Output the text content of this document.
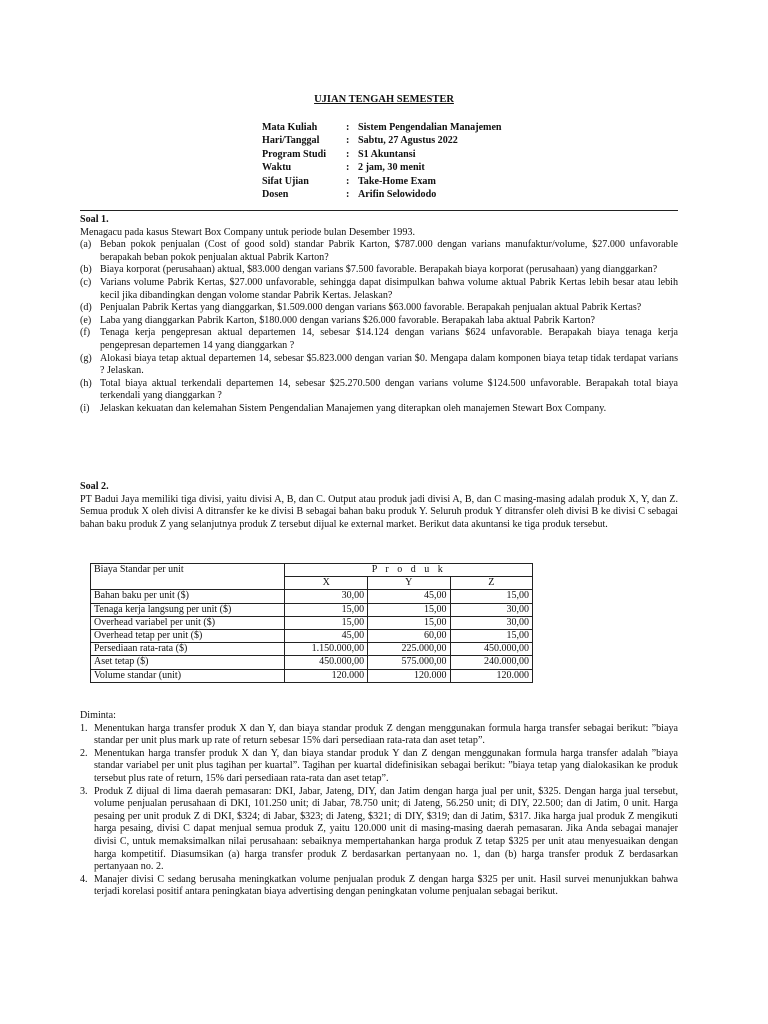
UJIAN TENGAH SEMESTER
Mata Kuliah	: Sistem Pengendalian Manajemen
Hari/Tanggal	: Sabtu, 27 Agustus 2022
Program Studi	: S1 Akuntansi
Waktu	: 2 jam, 30 menit
Sifat Ujian	: Take-Home Exam
Dosen	: Arifin Selowidodo
Soal 1.
Menagacu pada kasus Stewart Box Company untuk periode bulan Desember 1993.
(a) Beban pokok penjualan (Cost of good sold) standar Pabrik Karton, $787.000 dengan varians manufaktur/volume, $27.000 unfavorable berapakah beban pokok penjualan aktual Pabrik Karton?
(b) Biaya korporat (perusahaan) aktual, $83.000 dengan varians $7.500 favorable. Berapakah biaya korporat (perusahaan) yang dianggarkan?
(c) Varians volume Pabrik Kertas, $27.000 unfavorable, sehingga dapat disimpulkan bahwa volume aktual Pabrik Kertas lebih besar atau lebih kecil jika dibandingkan dengan volome standar Pabrik Kertas. Jelaskan?
(d) Penjualan Pabrik Kertas yang dianggarkan, $1.509.000 dengan varians $63.000 favorable. Berapakah penjualan aktual Pabrik Kertas?
(e) Laba yang dianggarkan Pabrik Karton, $180.000 dengan varians $26.000 favorable. Berapakah laba aktual Pabrik Karton?
(f) Tenaga kerja pengepresan aktual departemen 14, sebesar $14.124 dengan varians $624 unfavorable. Berapakah biaya tenaga kerja pengepresan departemen 14 yang dianggarkan ?
(g) Alokasi biaya tetap aktual departemen 14, sebesar $5.823.000 dengan varian $0. Mengapa dalam komponen biaya tetap tidak terdapat varians ? Jelaskan.
(h) Total biaya aktual terkendali departemen 14, sebesar $25.270.500 dengan varians volume $124.500 unfavorable. Berapakah total biaya terkendali yang dianggarkan ?
(i)	Jelaskan kekuatan dan kelemahan Sistem Pengendalian Manajemen yang diterapkan oleh manajemen Stewart Box Company.
Soal 2.
PT Badui Jaya memiliki tiga divisi, yaitu divisi A, B, dan C. Output atau produk jadi divisi A, B, dan C masing-masing adalah produk X, Y, dan Z. Semua produk X oleh divisi A ditransfer ke ke divisi B sebagai bahan baku produk Y. Seluruh produk Y ditransfer oleh divisi B ke divisi C sebagai bahan baku produk Z yang selanjutnya produk Z tersebut dijual ke external market. Berikut data akuntansi ke tiga produk tersebut.
Biaya Standar per unit	P r o d u k		
	X	Y	Z
Bahan baku per unit ($)	30,00	45,00	15,00
Tenaga kerja langsung per unit ($)	15,00	15,00	30,00
Overhead variabel per unit ($)	15,00	15,00	30,00
Overhead tetap per unit ($)	45,00	60,00	15,00
Persediaan rata-rata ($)	1.150.000,00	225.000,00	450.000,00
Aset tetap ($)	450.000,00	575.000,00	240.000,00
Volume standar (unit)	120.000	120.000	120.000
Diminta:
1. Menentukan harga transfer produk X dan Y, dan biaya standar produk Z dengan menggunakan formula harga transfer sebagai berikut: ”biaya standar per unit plus mark up rate of return sebesar 15% dari persediaan rata-rata dan aset tetap”.
2. Menentukan harga transfer produk X dan Y, dan biaya standar produk Y dan Z dengan menggunakan formula harga transfer adalah ”biaya standar variabel per unit plus tagihan per kuartal”. Tagihan per kuartal didefinisikan sebagai berikut: ”biaya tetap yang dialokasikan ke produk tersebut plus rate of return, 15% dari persediaan rata-rata dan aset tetap”.
3. Produk Z dijual di lima daerah pemasaran: DKI, Jabar, Jateng, DIY, dan Jatim dengan harga jual per unit, $325. Dengan harga jual tersebut, volume penjualan perusahaan di DKI, 101.250 unit; di Jabar, 78.750 unit; di Jateng, 56.250 unit; di DIY, 22.500; dan di Jatim, 0 unit. Harga pesaing per unit produk Z di DKI, $324; di Jabar, $323; di Jateng, $321; di DIY, $319; dan di Jatim, $317. Jika harga jual produk Z mengikuti harga pesaing, divisi C dapat menjual semua produk Z, yaitu 120.000 unit di masing-masing daerah pemasaran. Jika Anda sebagai manajer divisi C, untuk memaksimalkan nilai perusahaan: sebaiknya mempertahankan harga produk Z tetap $325 per unit atau menyesuaikan dengan harga kompetitif. Diasumsikan (a) harga transfer produk Z berdasarkan pertanyaan no. 1, dan (b) harga transfer produk Z berdasarkan pertanyaan no. 2.
4. Manajer divisi C sedang berusaha meningkatkan volume penjualan produk Z dengan harga $325 per unit. Hasil survei menunjukkan bahwa terjadi korelasi positif antara peningkatan biaya advertising dengan peningkatan volume penjualan sebagai berikut.
